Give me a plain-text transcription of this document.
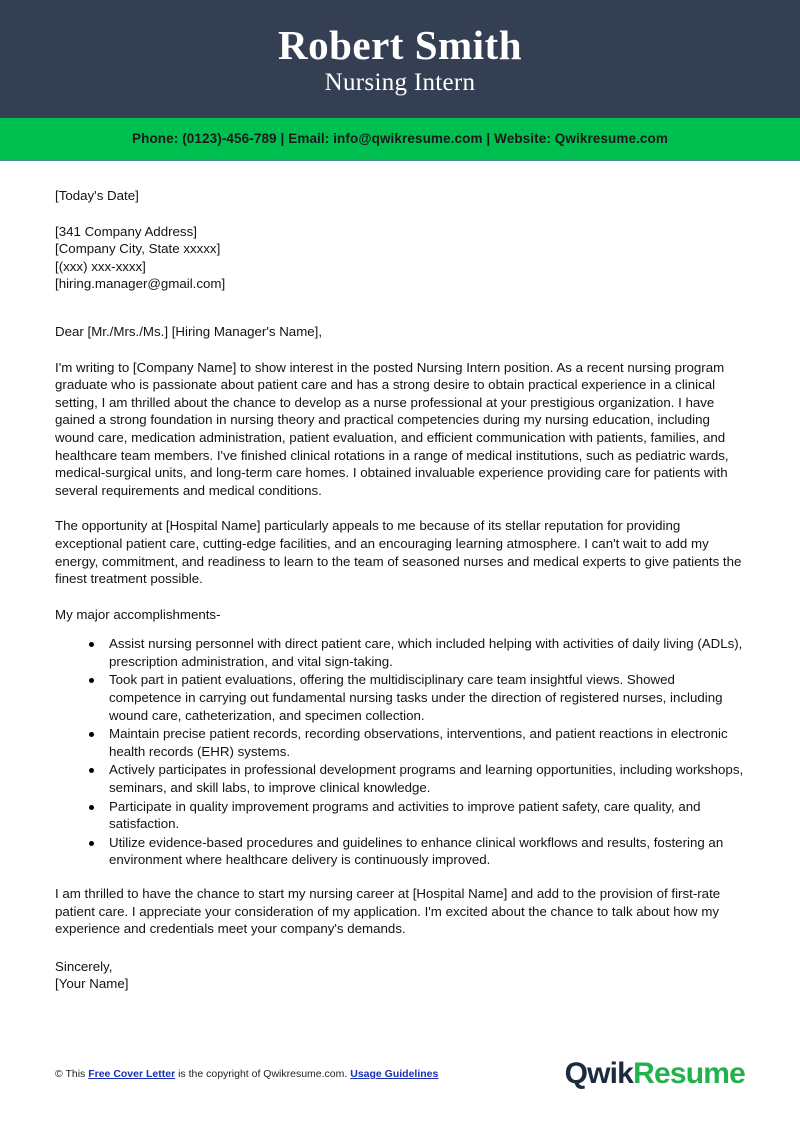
Robert Smith
Nursing Intern
Phone: (0123)-456-789 | Email: info@qwikresume.com | Website: Qwikresume.com

[Today's Date]

[341 Company Address]
[Company City, State xxxxx]
[(xxx) xxx-xxxx]
[hiring.manager@gmail.com]

Dear [Mr./Mrs./Ms.] [Hiring Manager's Name],

I'm writing to [Company Name] to show interest in the posted Nursing Intern position. As a recent nursing program graduate who is passionate about patient care and has a strong desire to obtain practical experience in a clinical setting, I am thrilled about the chance to develop as a nurse professional at your prestigious organization. I have gained a strong foundation in nursing theory and practical competencies during my nursing education, including wound care, medication administration, patient evaluation, and efficient communication with patients, families, and healthcare team members. I've finished clinical rotations in a range of medical institutions, such as pediatric wards, medical-surgical units, and long-term care homes. I obtained invaluable experience providing care for patients with several requirements and medical conditions.

The opportunity at [Hospital Name] particularly appeals to me because of its stellar reputation for providing exceptional patient care, cutting-edge facilities, and an encouraging learning atmosphere. I can't wait to add my energy, commitment, and readiness to learn to the team of seasoned nurses and medical experts to give patients the finest treatment possible.

My major accomplishments-

Assist nursing personnel with direct patient care, which included helping with activities of daily living (ADLs), prescription administration, and vital sign-taking.
Took part in patient evaluations, offering the multidisciplinary care team insightful views. Showed competence in carrying out fundamental nursing tasks under the direction of registered nurses, including wound care, catheterization, and specimen collection.
Maintain precise patient records, recording observations, interventions, and patient reactions in electronic health records (EHR) systems.
Actively participates in professional development programs and learning opportunities, including workshops, seminars, and skill labs, to improve clinical knowledge.
Participate in quality improvement programs and activities to improve patient safety, care quality, and satisfaction.
Utilize evidence-based procedures and guidelines to enhance clinical workflows and results, fostering an environment where healthcare delivery is continuously improved.

I am thrilled to have the chance to start my nursing career at [Hospital Name] and add to the provision of first-rate patient care. I appreciate your consideration of my application. I'm excited about the chance to talk about how my experience and credentials meet your company's demands.

Sincerely,
[Your Name]
© This Free Cover Letter is the copyright of Qwikresume.com. Usage Guidelines	QwikResume
